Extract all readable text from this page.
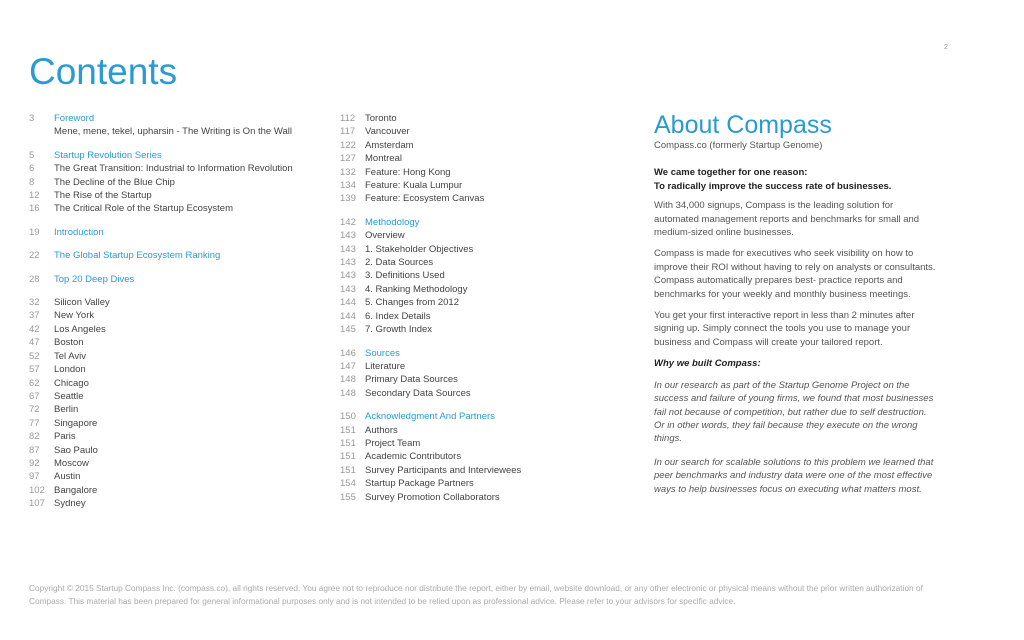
2
Contents
3	Foreword
Mene, mene, tekel, upharsin - The Writing is On the Wall
5	Startup Revolution Series
6	The Great Transition: Industrial to Information Revolution
8	The Decline of the Blue Chip
12	The Rise of the Startup
16	The Critical Role of the Startup Ecosystem
19	Introduction
22	The Global Startup Ecosystem Ranking
28	Top 20 Deep Dives
32	Silicon Valley
37	New York
42	Los Angeles
47	Boston
52	Tel Aviv
57	London
62	Chicago
67	Seattle
72	Berlin
77	Singapore
82	Paris
87	Sao Paulo
92	Moscow
97	Austin
102 Bangalore
107 Sydney
112	Toronto
117	Vancouver
122 Amsterdam
127 Montreal
132 Feature: Hong Kong
134 Feature: Kuala Lumpur
139 Feature: Ecosystem Canvas
142 Methodology
143 Overview
143 1. Stakeholder Objectives
143 2. Data Sources
143 3. Definitions Used
143 4. Ranking Methodology
144 5. Changes from 2012
144 6. Index Details
145 7. Growth Index
146 Sources
147 Literature
148 Primary Data Sources
148 Secondary Data Sources
150 Acknowledgment And Partners
151 Authors
151 Project Team
151 Academic Contributors
151 Survey Participants and Interviewees
154 Startup Package Partners
155 Survey Promotion Collaborators
About Compass

Compass.co (formerly Startup Genome)

We came together for one reason:
To radically improve the success rate of businesses.

With 34,000 signups, Compass is the leading solution for automated management reports and benchmarks for small and medium-sized online businesses.

Compass is made for executives who seek visibility on how to improve their ROI without having to rely on analysts or consultants. Compass automatically prepares best- practice reports and benchmarks for your weekly and monthly business meetings.

You get your first interactive report in less than 2 minutes after signing up. Simply connect the tools you use to manage your business and Compass will create your tailored report.

Why we built Compass:

In our research as part of the Startup Genome Project on the success and failure of young firms, we found that most businesses fail not because of competition, but rather due to self destruction. Or in other words, they fail because they execute on the wrong things.

In our search for scalable solutions to this problem we learned that peer benchmarks and industry data were one of the most effective ways to help businesses focus on executing what matters most.

Copyright © 2015 Startup Compass Inc. (compass.co), all rights reserved. You agree not to reproduce nor distribute the report, either by email, website download, or any other electronic or physical means without the prior written authorization of Compass. This material has been prepared for general informational purposes only and is not intended to be relied upon as professional advice. Please refer to your advisors for specific advice.
